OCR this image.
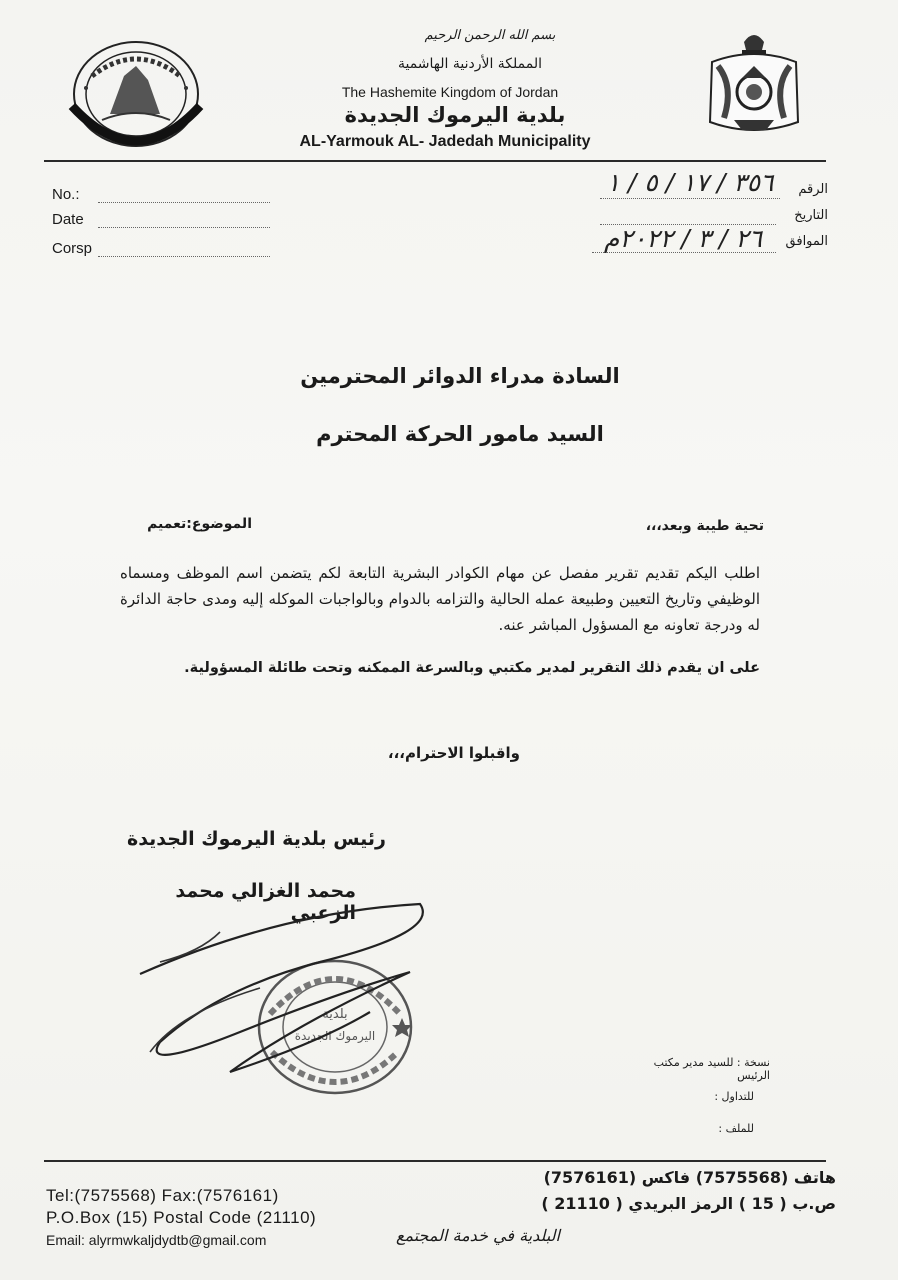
بسم الله الرحمن الرحيم
المملكة الأردنية الهاشمية
The Hashemite Kingdom of Jordan
بلدية اليرموك الجديدة
AL-Yarmouk AL- Jadedah Municipality
No.:
Date
Corsp
الرقم
٣٥٦ / ١٧ / ٥ / ١
التاريخ
الموافق
٢٦ / ٣ / ٢٠٢٢م
السادة مدراء الدوائر المحترمين
السيد مامور الحركة المحترم
تحية طيبة وبعد،،،
الموضوع:تعميم
اطلب اليكم تقديم تقرير مفصل عن مهام الكوادر البشرية التابعة لكم يتضمن اسم الموظف ومسماه الوظيفي وتاريخ التعيين وطبيعة عمله الحالية والتزامه بالدوام وبالواجبات الموكله إليه ومدى حاجة الدائرة له ودرجة تعاونه مع المسؤول المباشر عنه.
على ان يقدم ذلك التقرير لمدير مكتبي وبالسرعة الممكنه وتحت طائلة المسؤولية.
واقبلوا الاحترام،،،
رئيس بلدية اليرموك الجديدة
محمد الغزالي محمد الزعبي
بلدية
اليرموك الجديدة
نسخة : للسيد مدير مكتب الرئيس
للتداول :
للملف :
Tel:(7575568) Fax:(7576161)
P.O.Box (15) Postal Code (21110)
Email: alyrmwkaljdydtb@gmail.com
هاتف (7575568) فاكس (7576161)
ص.ب ( 15 ) الرمز البريدي ( 21110 )
البلدية في خدمة المجتمع
